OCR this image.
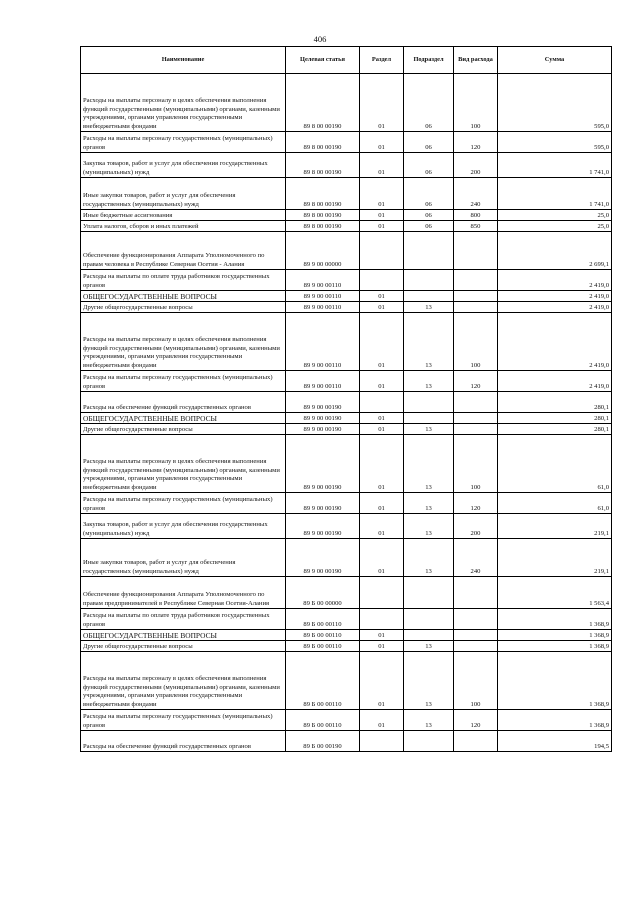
406
Наименование	Целевая статья	Раздел	Подраздел	Вид расхода	Сумма
Расходы на выплаты персоналу в целях обеспечения выполнения функций государственными (муниципальными) органами, казенными учреждениями, органами управления государственными внебюджетными фондами	89 8 00 00190	01	06	100	595,0
Расходы на выплаты персоналу государственных (муниципальных) органов	89 8 00 00190	01	06	120	595,0
Закупка товаров, работ и услуг для обеспечения государственных (муниципальных) нужд	89 8 00 00190	01	06	200	1 741,0
Иные закупки товаров, работ и услуг для обеспечения государственных (муниципальных) нужд	89 8 00 00190	01	06	240	1 741,0
Иные бюджетные ассигнования	89 8 00 00190	01	06	800	25,0
Уплата налогов, сборов и иных платежей	89 8 00 00190	01	06	850	25,0
Обеспечение функционирования Аппарата Уполномоченного по правам человека в Республике Северная Осетия - Алания	89 9 00 00000				2 699,1
Расходы на выплаты по оплате труда работников государственных органов	89 9 00 00110				2 419,0
ОБЩЕГОСУДАРСТВЕННЫЕ ВОПРОСЫ	89 9 00 00110	01			2 419,0
Другие общегосударственные вопросы	89 9 00 00110	01	13		2 419,0
Расходы на выплаты персоналу в целях обеспечения выполнения функций государственными (муниципальными) органами, казенными учреждениями, органами управления государственными внебюджетными фондами	89 9 00 00110	01	13	100	2 419,0
Расходы на выплаты персоналу государственных (муниципальных) органов	89 9 00 00110	01	13	120	2 419,0
Расходы на обеспечение функций государственных органов	89 9 00 00190				280,1
ОБЩЕГОСУДАРСТВЕННЫЕ ВОПРОСЫ	89 9 00 00190	01			280,1
Другие общегосударственные вопросы	89 9 00 00190	01	13		280,1
Расходы на выплаты персоналу в целях обеспечения выполнения функций государственными (муниципальными) органами, казенными учреждениями, органами управления государственными внебюджетными фондами	89 9 00 00190	01	13	100	61,0
Расходы на выплаты персоналу государственных (муниципальных) органов	89 9 00 00190	01	13	120	61,0
Закупка товаров, работ и услуг для обеспечения государственных (муниципальных) нужд	89 9 00 00190	01	13	200	219,1
Иные закупки товаров, работ и услуг для обеспечения государственных (муниципальных) нужд	89 9 00 00190	01	13	240	219,1
Обеспечение функционирования Аппарата Уполномоченного по правам предпринимателей в Республике Северная Осетия-Алания	89 Б 00 00000				1 563,4
Расходы на выплаты по оплате труда работников государственных органов	89 Б 00 00110				1 368,9
ОБЩЕГОСУДАРСТВЕННЫЕ ВОПРОСЫ	89 Б 00 00110	01			1 368,9
Другие общегосударственные вопросы	89 Б 00 00110	01	13		1 368,9
Расходы на выплаты персоналу в целях обеспечения выполнения функций государственными (муниципальными) органами, казенными учреждениями, органами управления государственными внебюджетными фондами	89 Б 00 00110	01	13	100	1 368,9
Расходы на выплаты персоналу государственных (муниципальных) органов	89 Б 00 00110	01	13	120	1 368,9
Расходы на обеспечение функций государственных органов	89 Б 00 00190				194,5
